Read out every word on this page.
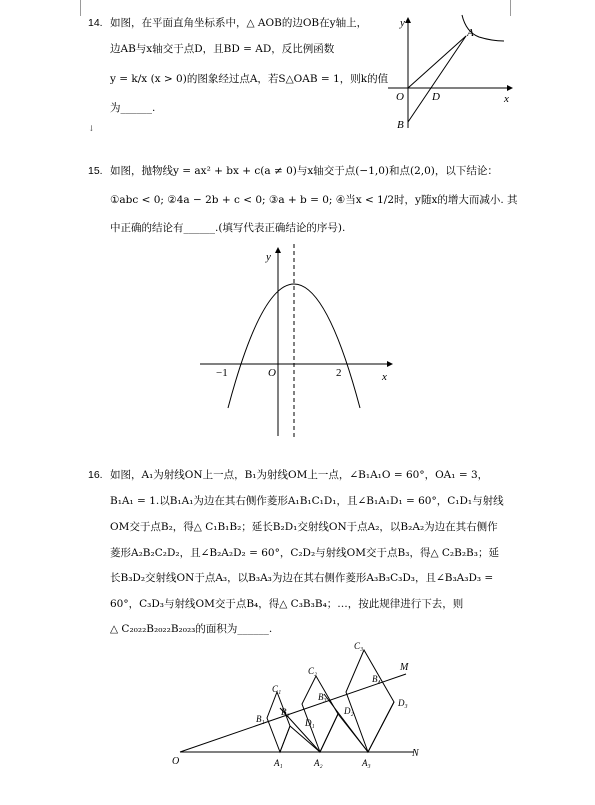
14. 如图，在平面直角坐标系中，△ AOB的边OB在y轴上，
边AB与x轴交于点D，且BD = AD，反比例函数
y = k/x (x > 0)的图象经过点A，若S△OAB = 1，则k的值
为______.
↓
y
x
O
A
B
D
15. 如图，抛物线y = ax² + bx + c(a ≠ 0)与x轴交于点(−1,0)和点(2,0)，以下结论：
①abc < 0; ②4a − 2b + c < 0; ③a + b = 0; ④当x < 1/2时，y随x的增大而减小. 其
中正确的结论有______.(填写代表正确结论的序号).
y
x
O
−1	2
16. 如图，A₁为射线ON上一点，B₁为射线OM上一点，∠B₁A₁O = 60°，OA₁ = 3，
B₁A₁ = 1.以B₁A₁为边在其右侧作菱形A₁B₁C₁D₁，且∠B₁A₁D₁ = 60°，C₁D₁与射线
OM交于点B₂，得△ C₁B₁B₂；延长B₂D₁交射线ON于点A₂，以B₂A₂为边在其右侧作
菱形A₂B₂C₂D₂，且∠B₂A₂D₂ = 60°，C₂D₂与射线OM交于点B₃，得△ C₂B₂B₃；延
长B₃D₂交射线ON于点A₃，以B₃A₃为边在其右侧作菱形A₃B₃C₃D₃，且∠B₃A₃D₃ =
60°，C₃D₃与射线OM交于点B₄，得△ C₃B₃B₄；…，按此规律进行下去，则
△ C₂₀₂₂B₂₀₂₂B₂₀₂₃的面积为______.
O
M
N
A₁	A₂	A₃
B₁
B₂
B₃
B₄
C₁
C₂
C₃
D₁
D₂
D₃
